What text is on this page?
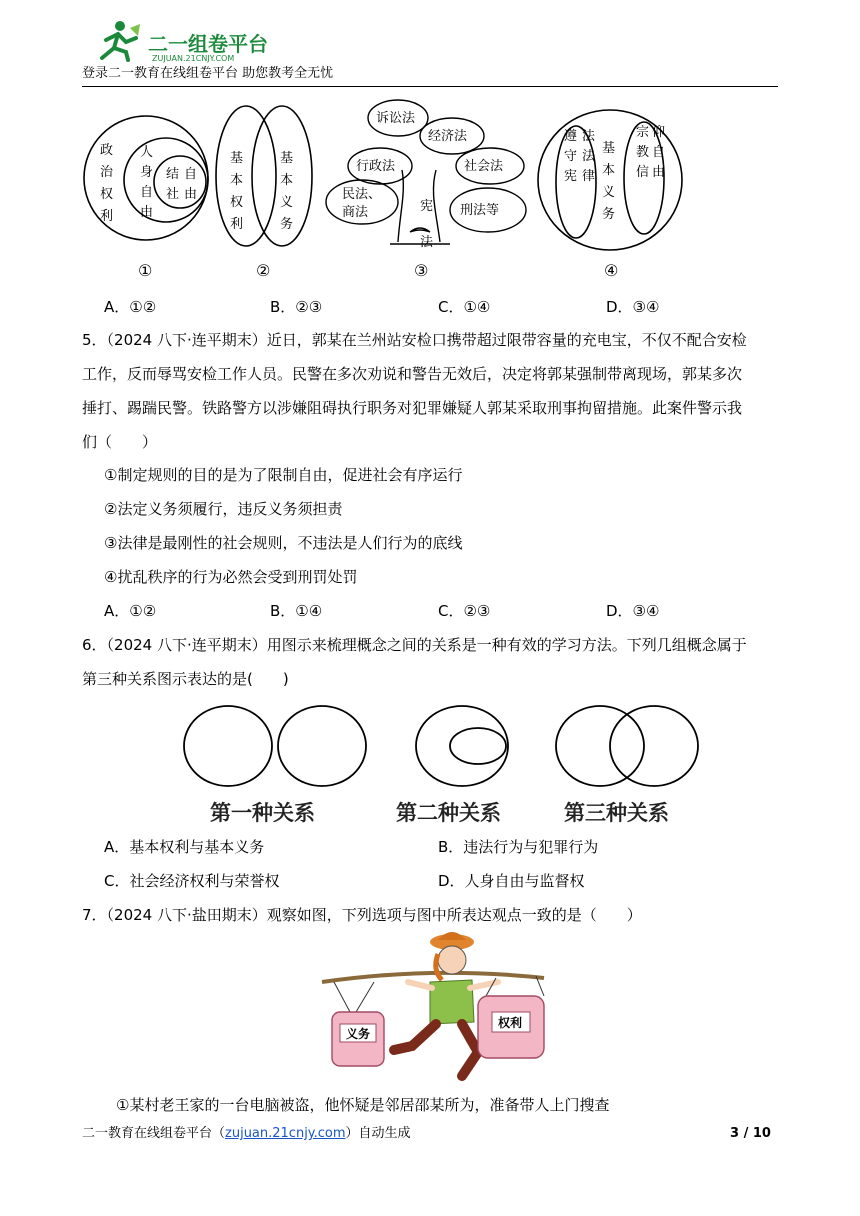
二一组卷平台
ZUJUAN.21CNJY.COM
登录二一教育在线组卷平台 助您教考全无忧
政治权利
人身自由
结社自由
①
基本权利
基本义务
②
诉讼法
经济法
行政法	社会法
民法、
商法	刑法等
宪
法
③
遵守宪
法法律
基本义务
宗教信
仰自由
④
A．①②	B．②③	C．①④	D．③④
5．（2024 八下·连平期末）近日，郭某在兰州站安检口携带超过限带容量的充电宝，不仅不配合安检
工作，反而辱骂安检工作人员。民警在多次劝说和警告无效后，决定将郭某强制带离现场，郭某多次
捶打、踢踹民警。铁路警方以涉嫌阻碍执行职务对犯罪嫌疑人郭某采取刑事拘留措施。此案件警示我
们（　　）
①制定规则的目的是为了限制自由，促进社会有序运行
②法定义务须履行，违反义务须担责
③法律是最刚性的社会规则，不违法是人们行为的底线
④扰乱秩序的行为必然会受到刑罚处罚
A．①②	B．①④	C．②③	D．③④
6．（2024 八下·连平期末）用图示来梳理概念之间的关系是一种有效的学习方法。下列几组概念属于
第三种关系图示表达的是(　　)
第一种关系	第二种关系	第三种关系
A．基本权利与基本义务	B．违法行为与犯罪行为
C．社会经济权利与荣誉权	D．人身自由与监督权
7．（2024 八下·盐田期末）观察如图，下列选项与图中所表达观点一致的是（　　）
义务
权利
①某村老王家的一台电脑被盗，他怀疑是邻居邵某所为，准备带人上门搜查
二一教育在线组卷平台（zujuan.21cnjy.com）自动生成	3 / 10
